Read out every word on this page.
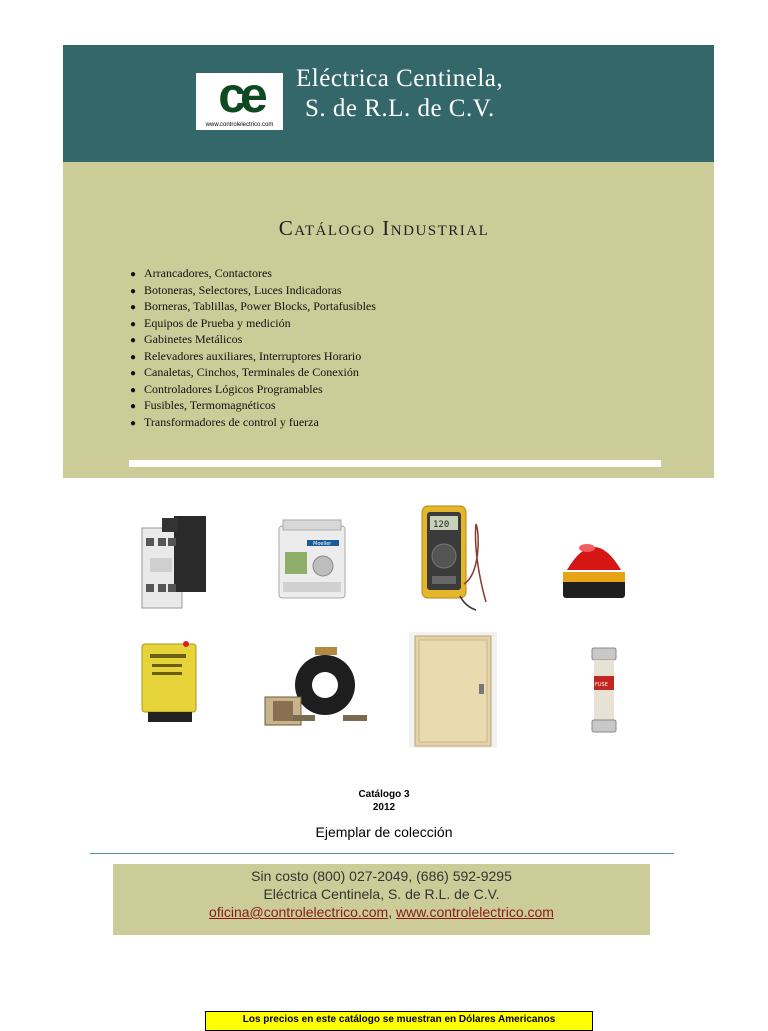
ce
www.controlelectrico.com
Eléctrica Centinela,
S. de R.L. de C.V.
Catálogo Industrial
● Arrancadores, Contactores
● Botoneras, Selectores, Luces Indicadoras
● Borneras, Tablillas, Power Blocks, Portafusibles
● Equipos de Prueba y medición
● Gabinetes Metálicos
● Relevadores auxiliares, Interruptores Horario
● Canaletas, Cinchos, Terminales de Conexión
● Controladores Lógicos Programables
● Fusibles, Termomagnéticos
● Transformadores de control y fuerza
Moeller
120
FUSE
Catálogo 3
2012
Ejemplar de colección
Sin costo (800) 027-2049, (686) 592-9295
Eléctrica Centinela, S. de R.L. de C.V.
oficina@controlelectrico.com, www.controlelectrico.com
Los precios en este catálogo se muestran en Dólares Americanos
